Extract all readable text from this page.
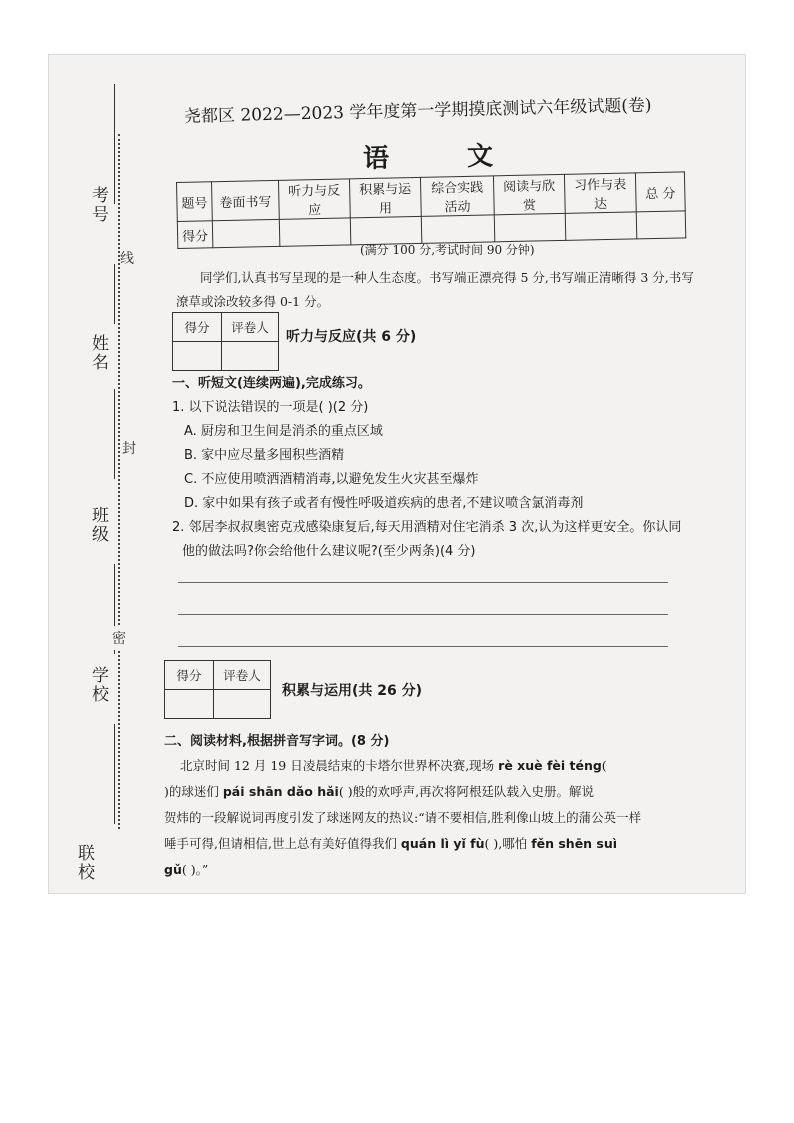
考号
姓名
班级
学校
联校
线
封
密
尧都区 2022—2023 学年度第一学期摸底测试六年级试题(卷)
语文
题号	卷面书写	听力与反应	积累与运用	综合实践活动	阅读与欣赏	习作与表达	总 分
得分							
(满分 100 分,考试时间 90 分钟)
同学们,认真书写呈现的是一种人生态度。书写端正漂亮得 5 分,书写端正清晰得 3 分,书写潦草或涂改较多得 0-1 分。
得分	评卷人

听力与反应(共 6 分)
一、听短文(连续两遍),完成练习。
1. 以下说法错误的一项是( )(2 分)
A. 厨房和卫生间是消杀的重点区域
B. 家中应尽量多囤积些酒精
C. 不应使用喷洒酒精消毒,以避免发生火灾甚至爆炸
D. 家中如果有孩子或者有慢性呼吸道疾病的患者,不建议喷含氯消毒剂
2. 邻居李叔叔奥密克戎感染康复后,每天用酒精对住宅消杀 3 次,认为这样更安全。你认同
他的做法吗?你会给他什么建议呢?(至少两条)(4 分)
得分	评卷人

积累与运用(共 26 分)
二、阅读材料,根据拼音写字词。(8 分)
北京时间 12 月 19 日凌晨结束的卡塔尔世界杯决赛,现场 rè xuè fèi téng(
)的球迷们 pái shān dǎo hǎi( )般的欢呼声,再次将阿根廷队载入史册。解说
贺炜的一段解说词再度引发了球迷网友的热议:“请不要相信,胜利像山坡上的蒲公英一样
唾手可得,但请相信,世上总有美好值得我们 quán lì yǐ fù( ),哪怕 fěn shēn suì
gǔ( )。”
